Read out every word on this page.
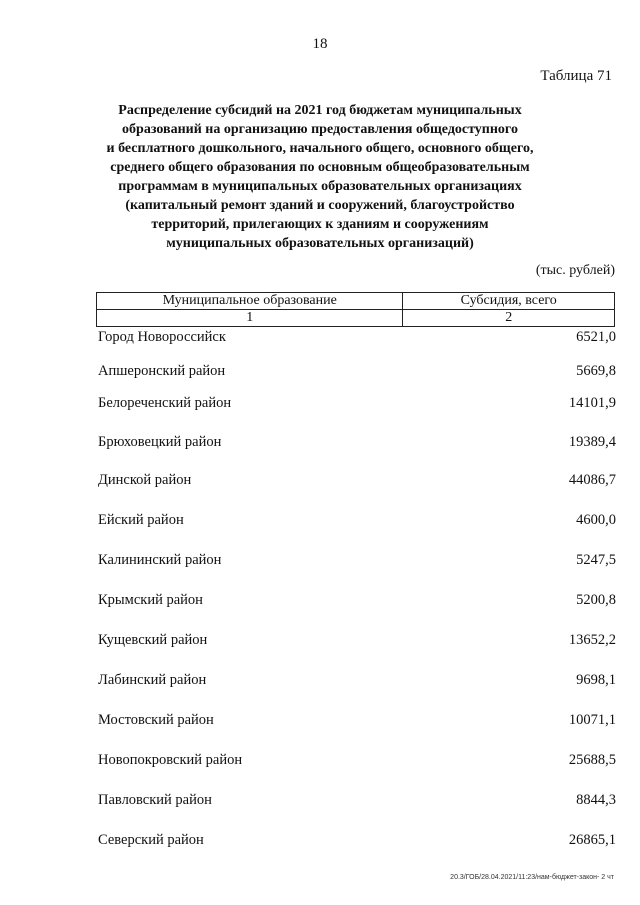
18
Таблица 71
Распределение субсидий на 2021 год бюджетам муниципальных
образований на организацию предоставления общедоступного
и бесплатного дошкольного, начального общего, основного общего,
среднего общего образования по основным общеобразовательным
программам в муниципальных образовательных организациях
(капитальный ремонт зданий и сооружений, благоустройство
территорий, прилегающих к зданиям и сооружениям
муниципальных образовательных организаций)
(тыс. рублей)
Муниципальное образование	Субсидия, всего
1	2
Город Новороссийск	6521,0
Апшеронский район	5669,8
Белореченский район	14101,9
Брюховецкий район	19389,4
Динской район	44086,7
Ейский район	4600,0
Калининский район	5247,5
Крымский район	5200,8
Кущевский район	13652,2
Лабинский район	9698,1
Мостовский район	10071,1
Новопокровский район	25688,5
Павловский район	8844,3
Северский район	26865,1
20.3/ГОБ/28.04.2021/11:23/нам-бюджет-закон- 2 чт
